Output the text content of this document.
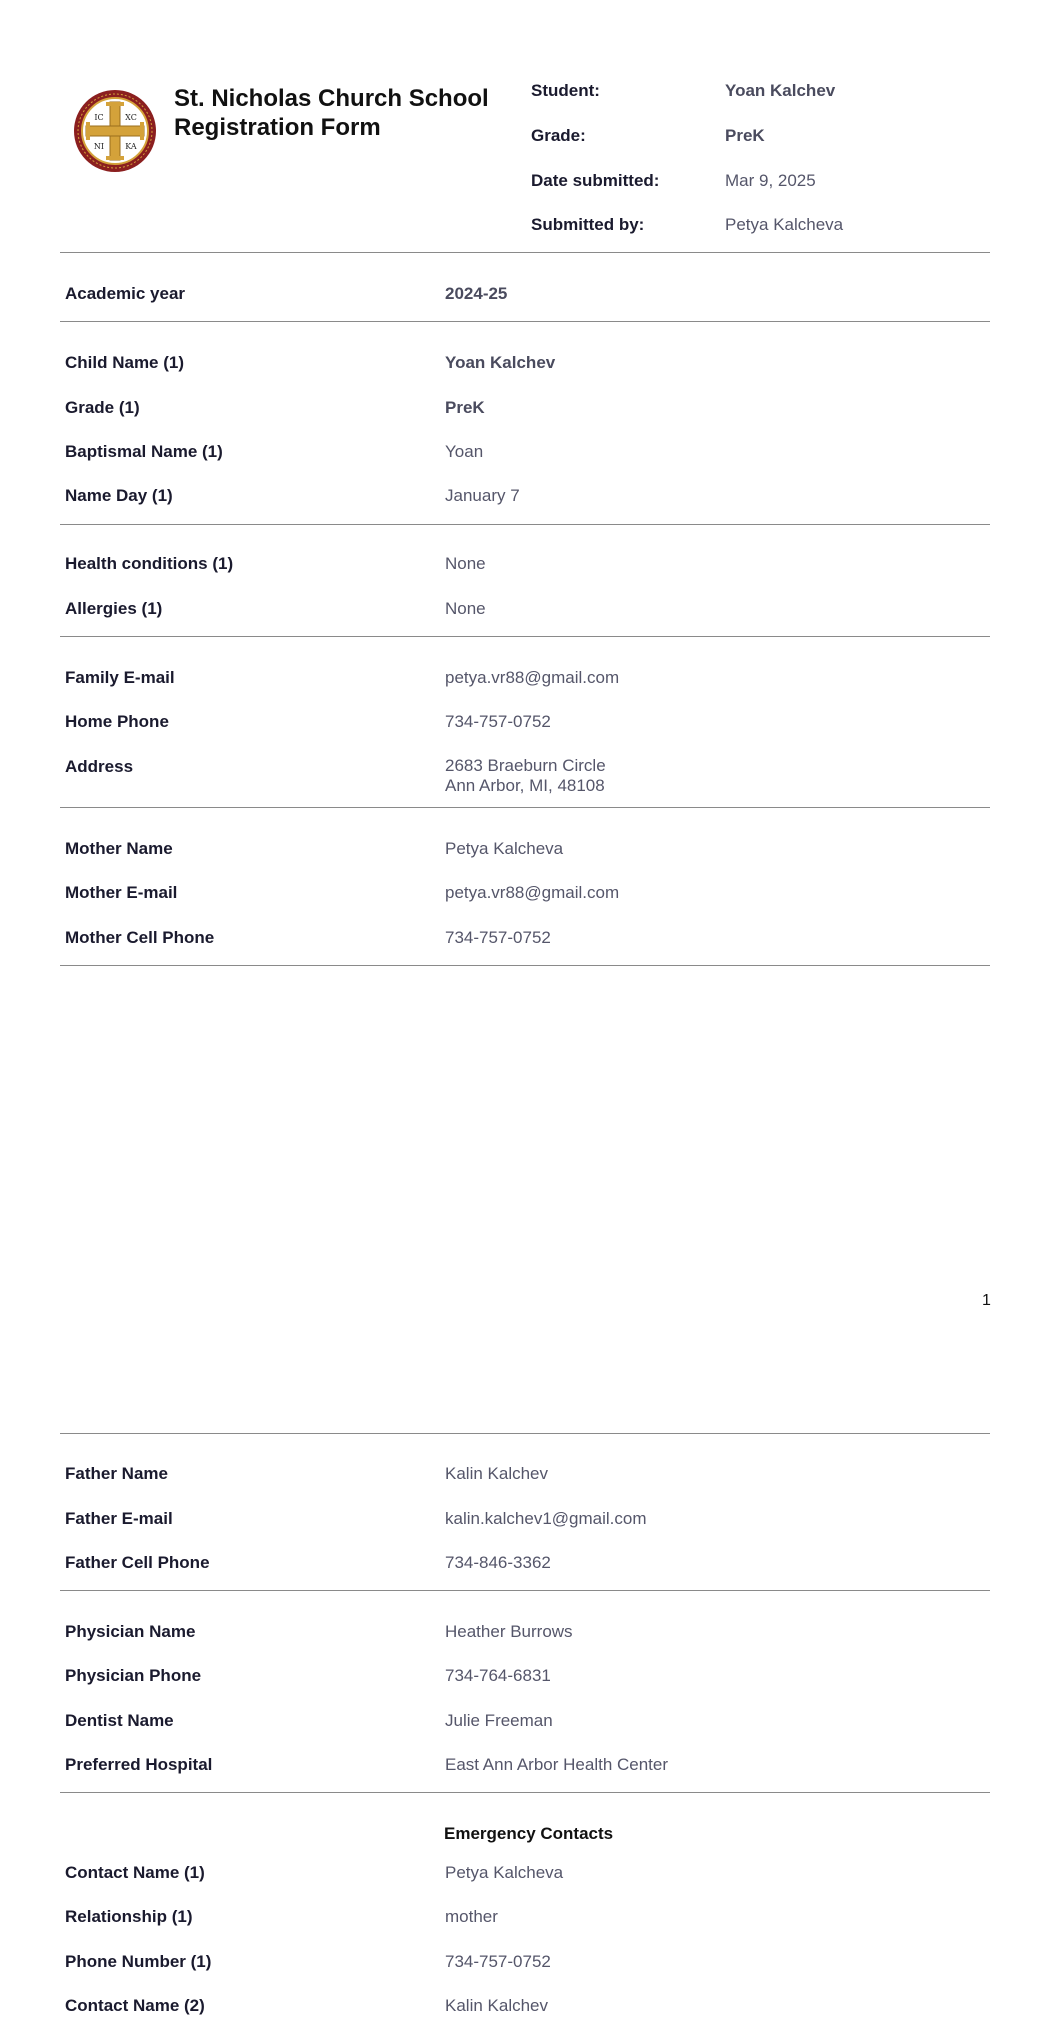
IC	XC
NI	KA
St. Nicholas Church School
Registration Form
Student:	Yoan Kalchev
Grade:	PreK
Date submitted:	Mar 9, 2025
Submitted by:	Petya Kalcheva
Academic year	2024-25
Child Name (1)	Yoan Kalchev
Grade (1)	PreK
Baptismal Name (1)	Yoan
Name Day (1)	January 7
Health conditions (1)	None
Allergies (1)	None
Family E-mail	petya.vr88@gmail.com
Home Phone	734-757-0752
Address	2683 Braeburn Circle
Ann Arbor, MI, 48108
Mother Name	Petya Kalcheva
Mother E-mail	petya.vr88@gmail.com
Mother Cell Phone	734-757-0752
1
Father Name	Kalin Kalchev
Father E-mail	kalin.kalchev1@gmail.com
Father Cell Phone	734-846-3362
Physician Name	Heather Burrows
Physician Phone	734-764-6831
Dentist Name	Julie Freeman
Preferred Hospital	East Ann Arbor Health Center
Emergency Contacts
Contact Name (1)	Petya Kalcheva
Relationship (1)	mother
Phone Number (1)	734-757-0752
Contact Name (2)	Kalin Kalchev
